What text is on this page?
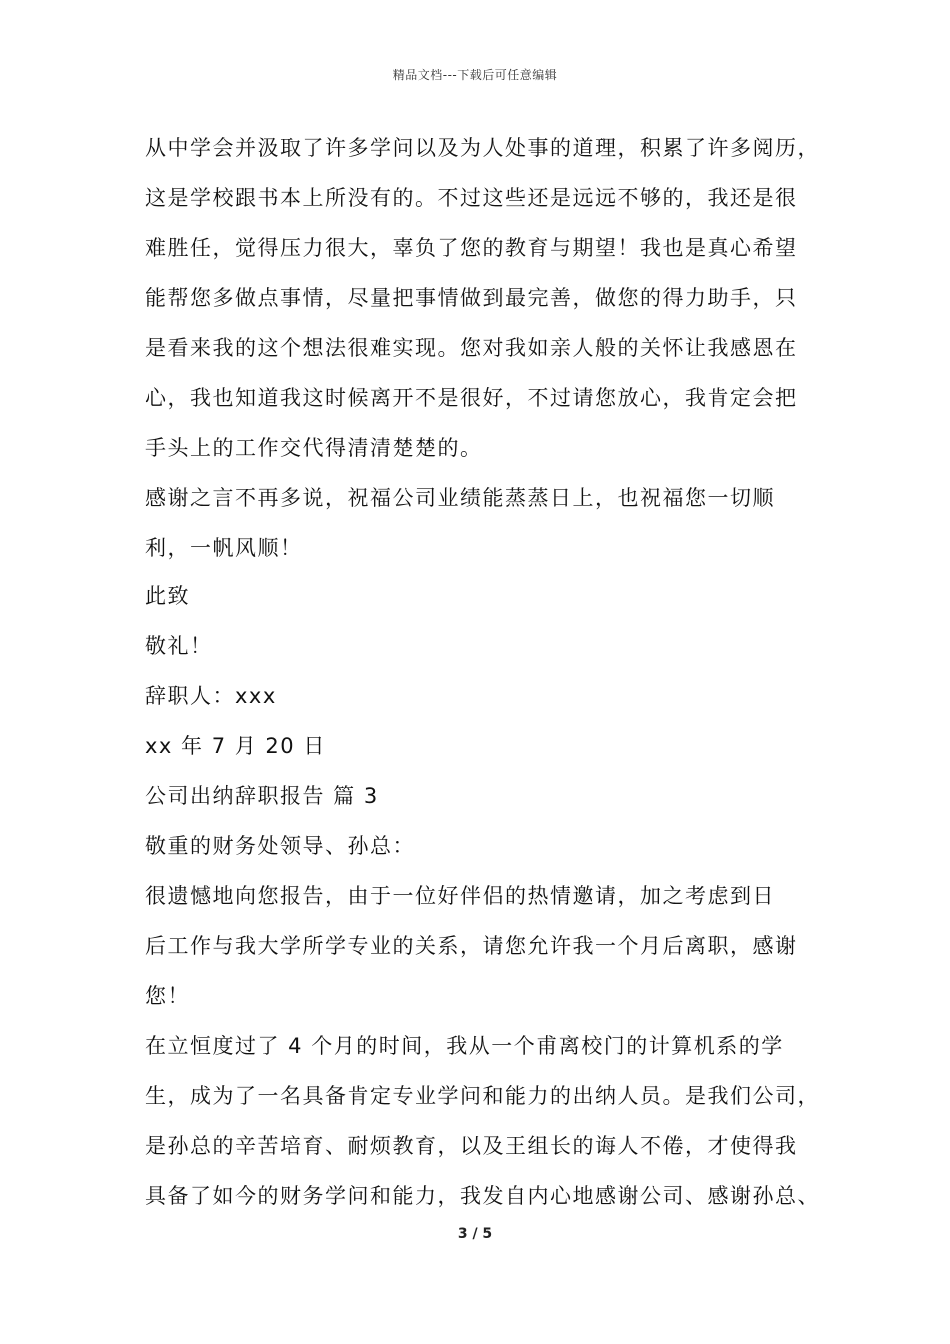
精品文档---下载后可任意编辑
从中学会并汲取了许多学问以及为人处事的道理，积累了许多阅历，
这是学校跟书本上所没有的。不过这些还是远远不够的，我还是很
难胜任，觉得压力很大，辜负了您的教育与期望！我也是真心希望
能帮您多做点事情，尽量把事情做到最完善，做您的得力助手，只
是看来我的这个想法很难实现。您对我如亲人般的关怀让我感恩在
心，我也知道我这时候离开不是很好，不过请您放心，我肯定会把
手头上的工作交代得清清楚楚的。
感谢之言不再多说，祝福公司业绩能蒸蒸日上，也祝福您一切顺
利，一帆风顺！
此致
敬礼！
辞职人：xxx
xx 年 7 月 20 日
公司出纳辞职报告 篇 3
敬重的财务处领导、孙总：
很遗憾地向您报告，由于一位好伴侣的热情邀请，加之考虑到日
后工作与我大学所学专业的关系，请您允许我一个月后离职，感谢
您！
在立恒度过了 4 个月的时间，我从一个甫离校门的计算机系的学
生，成为了一名具备肯定专业学问和能力的出纳人员。是我们公司，
是孙总的辛苦培育、耐烦教育，以及王组长的诲人不倦，才使得我
具备了如今的财务学问和能力，我发自内心地感谢公司、感谢孙总、
3 / 5
